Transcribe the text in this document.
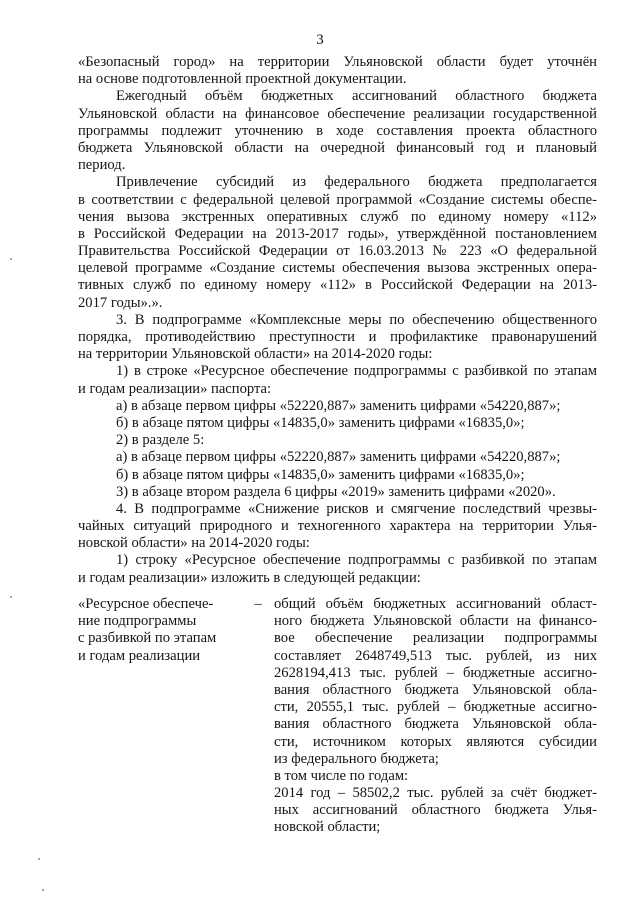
3
«Безопасный город» на территории Ульяновской области будет уточнён
на основе подготовленной проектной документации.
Ежегодный объём бюджетных ассигнований областного бюджета
Ульяновской области на финансовое обеспечение реализации государственной
программы подлежит уточнению в ходе составления проекта областного
бюджета Ульяновской области на очередной финансовый год и плановый
период.
Привлечение субсидий из федерального бюджета предполагается
в соответствии с федеральной целевой программой «Создание системы обеспе-
чения вызова экстренных оперативных служб по единому номеру «112»
в Российской Федерации на 2013-2017 годы», утверждённой постановлением
Правительства Российской Федерации от 16.03.2013 № 223 «О федеральной
целевой программе «Создание системы обеспечения вызова экстренных опера-
тивных служб по единому номеру «112» в Российской Федерации на 2013-
2017 годы».».
3. В подпрограмме «Комплексные меры по обеспечению общественного
порядка, противодействию преступности и профилактике правонарушений
на территории Ульяновской области» на 2014-2020 годы:
1) в строке «Ресурсное обеспечение подпрограммы с разбивкой по этапам
и годам реализации» паспорта:
а) в абзаце первом цифры «52220,887» заменить цифрами «54220,887»;
б) в абзаце пятом цифры «14835,0» заменить цифрами «16835,0»;
2) в разделе 5:
а) в абзаце первом цифры «52220,887» заменить цифрами «54220,887»;
б) в абзаце пятом цифры «14835,0» заменить цифрами «16835,0»;
3) в абзаце втором раздела 6 цифры «2019» заменить цифрами «2020».
4. В подпрограмме «Снижение рисков и смягчение последствий чрезвы-
чайных ситуаций природного и техногенного характера на территории Улья-
новской области» на 2014-2020 годы:
1) строку «Ресурсное обеспечение подпрограммы с разбивкой по этапам
и годам реализации» изложить в следующей редакции:
«Ресурсное обеспече-
ние подпрограммы
с разбивкой по этапам
и годам реализации
– общий объём бюджетных ассигнований област-
ного бюджета Ульяновской области на финансо-
вое обеспечение реализации подпрограммы
составляет 2648749,513 тыс. рублей, из них
2628194,413 тыс. рублей – бюджетные ассигно-
вания областного бюджета Ульяновской обла-
сти, 20555,1 тыс. рублей – бюджетные ассигно-
вания областного бюджета Ульяновской обла-
сти, источником которых являются субсидии
из федерального бюджета;
в том числе по годам:
2014 год – 58502,2 тыс. рублей за счёт бюджет-
ных ассигнований областного бюджета Улья-
новской области;
